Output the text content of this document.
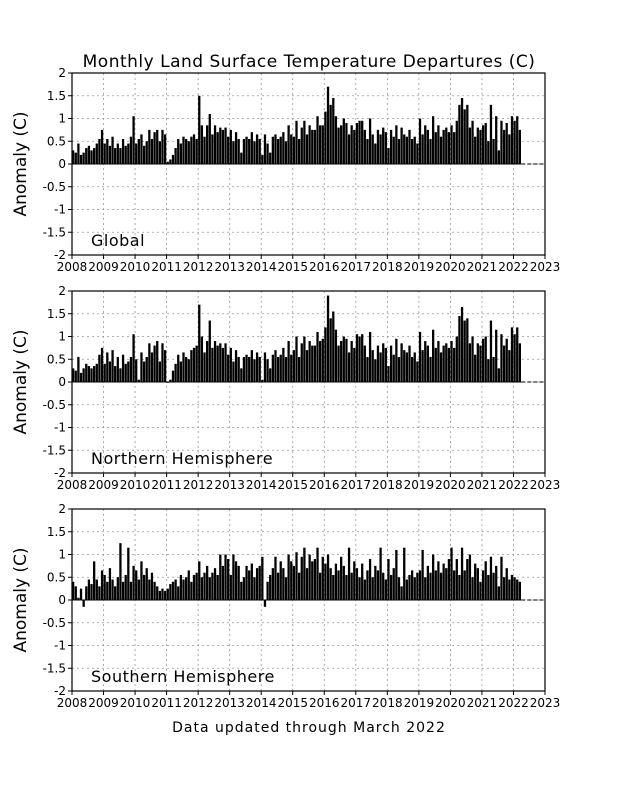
Monthly Land Surface Temperature Departures (C)
2
1.5
1
0.5
0
-0.5
-1
-1.5
-2
2008 2009 2010 2011 2012 2013 2014 2015 2016 2017 2018 2019 2020 2021 2022 2023
Anomaly (C)
Global
2
1.5
1
0.5
0
-0.5
-1
-1.5
-2
2008 2009 2010 2011 2012 2013 2014 2015 2016 2017 2018 2019 2020 2021 2022 2023
Anomaly (C)
Northern Hemisphere
2
1.5
1
0.5
0
-0.5
-1
-1.5
-2
2008 2009 2010 2011 2012 2013 2014 2015 2016 2017 2018 2019 2020 2021 2022 2023
Anomaly (C)
Southern Hemisphere
Data updated through March 2022
